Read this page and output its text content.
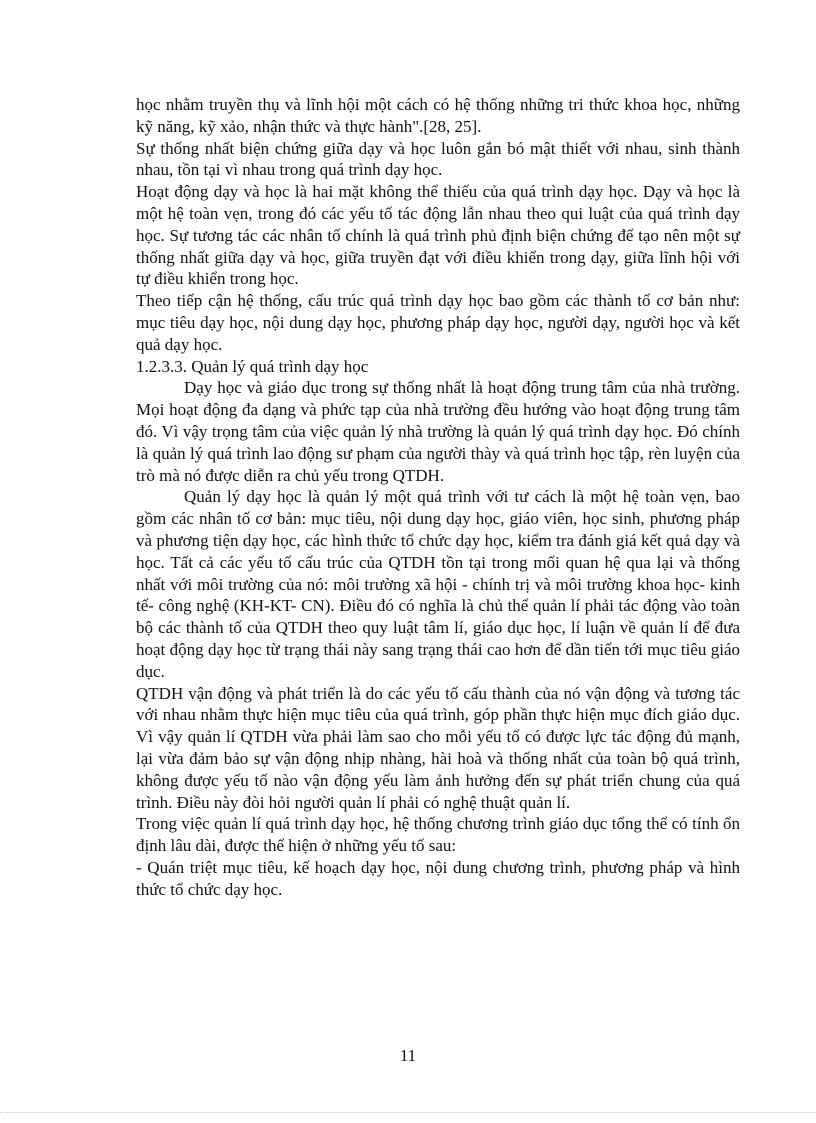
học nhằm truyền thụ và lĩnh hội một cách có hệ thống những tri thức khoa học, những kỹ năng, kỹ xảo, nhận thức và thực hành".[28, 25].

Sự thống nhất biện chứng giữa dạy và học luôn gắn bó mật thiết với nhau, sinh thành nhau, tồn tại vì nhau trong quá trình dạy học.

Hoạt động dạy và học là hai mặt không thể thiếu của quá trình dạy học. Dạy và học là một hệ toàn vẹn, trong đó các yếu tố tác động lẫn nhau theo qui luật của quá trình dạy học. Sự tương tác các nhân tố chính là quá trình phủ định biện chứng để tạo nên một sự thống nhất giữa dạy và học, giữa truyền đạt với điều khiển trong dạy, giữa lĩnh hội với tự điều khiển trong học.

Theo tiếp cận hệ thống, cấu trúc quá trình dạy học bao gồm các thành tố cơ bản như: mục tiêu dạy học, nội dung dạy học, phương pháp dạy học, người dạy, người học và kết quả dạy học.

1.2.3.3. Quản lý quá trình dạy học

Dạy học và giáo dục trong sự thống nhất là hoạt động trung tâm của nhà trường. Mọi hoạt động đa dạng và phức tạp của nhà trường đều hướng vào hoạt động trung tâm đó. Vì vậy trọng tâm của việc quản lý nhà trường là quản lý quá trình dạy học. Đó chính là quản lý quá trình lao động sư phạm của người thày và quá trình học tập, rèn luyện của trò mà nó được diễn ra chủ yếu trong QTDH.

Quản lý dạy học là quản lý một quá trình với tư cách là một hệ toàn vẹn, bao gồm các nhân tố cơ bản: mục tiêu, nội dung dạy học, giáo viên, học sinh, phương pháp và phương tiện dạy học, các hình thức tổ chức dạy học, kiểm tra đánh giá kết quả dạy và học. Tất cả các yếu tố cấu trúc của QTDH tồn tại trong mối quan hệ qua lại và thống nhất với môi trường của nó: môi trường xã hội - chính trị và môi trường khoa học- kinh tế- công nghệ (KH-KT- CN). Điều đó có nghĩa là chủ thể quản lí phải tác động vào toàn bộ các thành tố của QTDH theo quy luật tâm lí, giáo dục học, lí luận về quản lí để đưa hoạt động dạy học từ trạng thái này sang trạng thái cao hơn để dần tiến tới mục tiêu giáo dục.

QTDH vận động và phát triển là do các yếu tố cấu thành của nó vận động và tương tác với nhau nhằm thực hiện mục tiêu của quá trình, góp phần thực hiện mục đích giáo dục. Vì vậy quản lí QTDH vừa phải làm sao cho mỗi yếu tố có được lực tác động đủ mạnh, lại vừa đảm bảo sự vận động nhịp nhàng, hài hoà và thống nhất của toàn bộ quá trình, không được yếu tố nào vận động yếu làm ảnh hưởng đến sự phát triển chung của quá trình. Điều này đòi hỏi người quản lí phải có nghệ thuật quản lí.

Trong việc quản lí quá trình dạy học, hệ thống chương trình giáo dục tổng thể có tính ổn định lâu dài, được thể hiện ở những yếu tố sau:

- Quán triệt mục tiêu, kế hoạch dạy học, nội dung chương trình, phương pháp và hình thức tổ chức dạy học.

11
